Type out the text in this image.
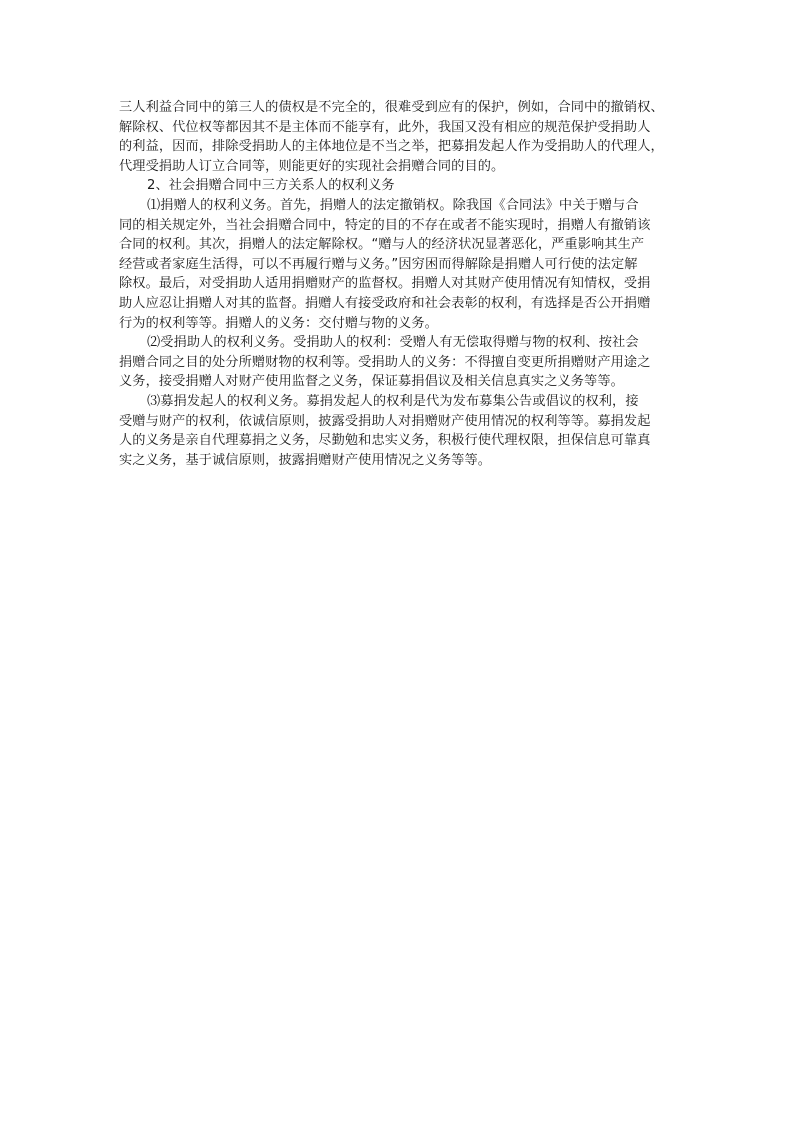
三人利益合同中的第三人的债权是不完全的，很难受到应有的保护，例如，合同中的撤销权、
解除权、代位权等都因其不是主体而不能享有，此外，我国又没有相应的规范保护受捐助人
的利益，因而，排除受捐助人的主体地位是不当之举，把募捐发起人作为受捐助人的代理人，
代理受捐助人订立合同等，则能更好的实现社会捐赠合同的目的。
2、社会捐赠合同中三方关系人的权利义务
⑴捐赠人的权利义务。首先，捐赠人的法定撤销权。除我国《合同法》中关于赠与合
同的相关规定外，当社会捐赠合同中，特定的目的不存在或者不能实现时，捐赠人有撤销该
合同的权利。其次，捐赠人的法定解除权。“赠与人的经济状况显著恶化，严重影响其生产
经营或者家庭生活得，可以不再履行赠与义务。”因穷困而得解除是捐赠人可行使的法定解
除权。最后，对受捐助人适用捐赠财产的监督权。捐赠人对其财产使用情况有知情权，受捐
助人应忍让捐赠人对其的监督。捐赠人有接受政府和社会表彰的权利，有选择是否公开捐赠
行为的权利等等。捐赠人的义务：交付赠与物的义务。
⑵受捐助人的权利义务。受捐助人的权利：受赠人有无偿取得赠与物的权利、按社会
捐赠合同之目的处分所赠财物的权利等。受捐助人的义务：不得擅自变更所捐赠财产用途之
义务，接受捐赠人对财产使用监督之义务，保证募捐倡议及相关信息真实之义务等等。
⑶募捐发起人的权利义务。募捐发起人的权利是代为发布募集公告或倡议的权利，接
受赠与财产的权利，依诚信原则，披露受捐助人对捐赠财产使用情况的权利等等。募捐发起
人的义务是亲自代理募捐之义务，尽勤勉和忠实义务，积极行使代理权限，担保信息可靠真
实之义务，基于诚信原则，披露捐赠财产使用情况之义务等等。
